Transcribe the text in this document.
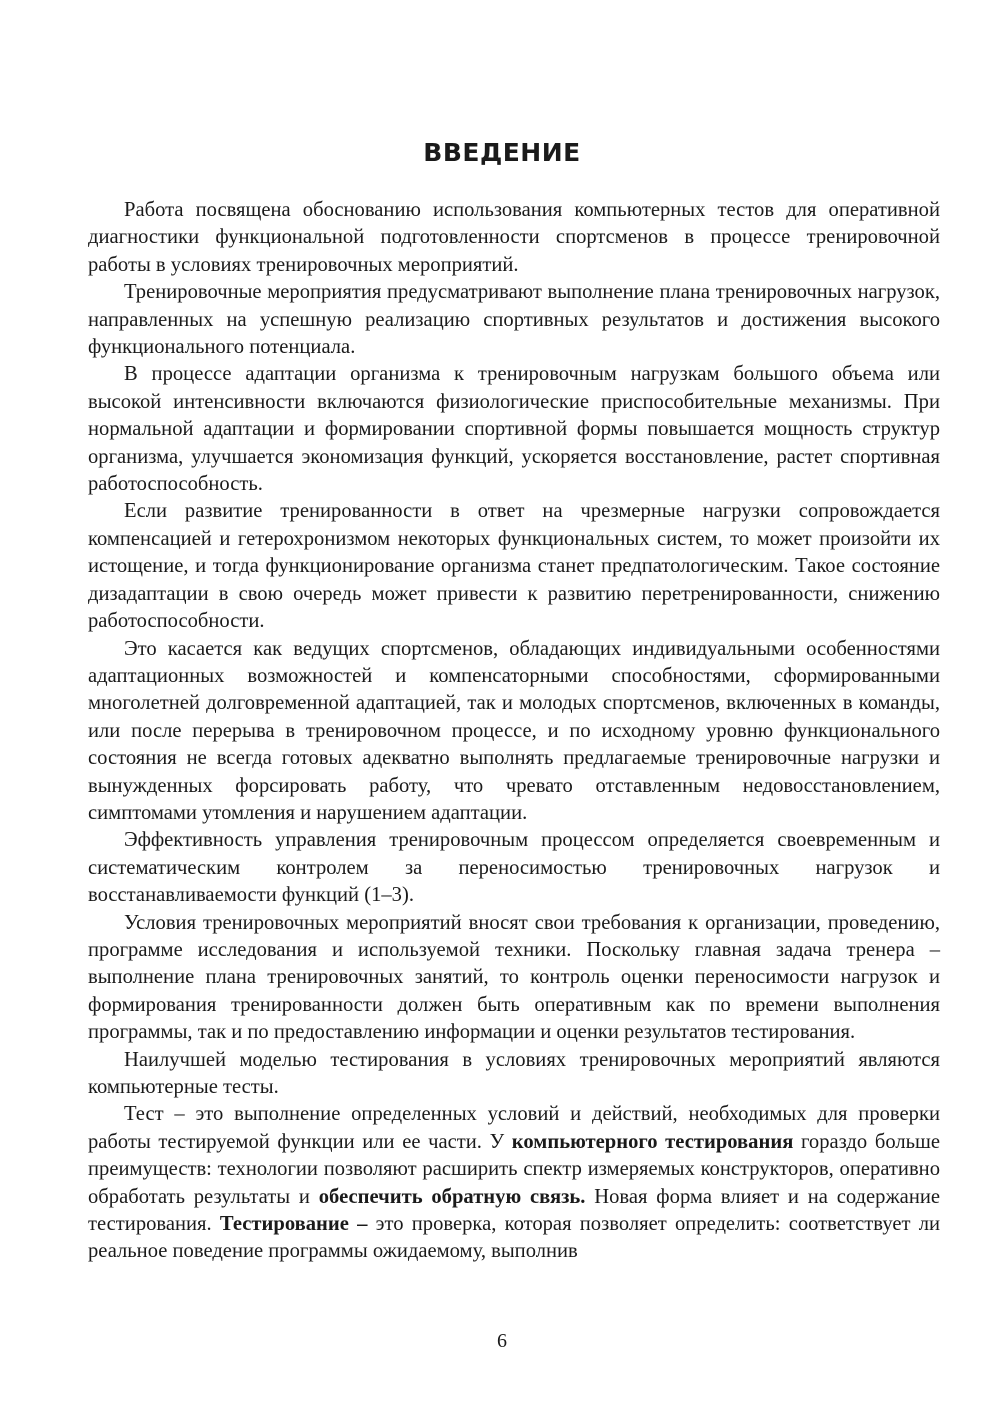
ВВЕДЕНИЕ

Работа посвящена обоснованию использования компьютерных тестов для оперативной диагностики функциональной подготовленности спортсменов в процессе тренировочной работы в условиях тренировочных мероприятий.

Тренировочные мероприятия предусматривают выполнение плана тренировочных нагрузок, направленных на успешную реализацию спортивных результатов и достижения высокого функционального потенциала.

В процессе адаптации организма к тренировочным нагрузкам большого объема или высокой интенсивности включаются физиологические приспособительные механизмы. При нормальной адаптации и формировании спортивной формы повышается мощность структур организма, улучшается экономизация функций, ускоряется восстановление, растет спортивная работоспособность.

Если развитие тренированности в ответ на чрезмерные нагрузки сопровождается компенсацией и гетерохронизмом некоторых функциональных систем, то может произойти их истощение, и тогда функционирование организма станет предпатологическим. Такое состояние дизадаптации в свою очередь может привести к развитию перетренированности, снижению работоспособности.

Это касается как ведущих спортсменов, обладающих индивидуальными особенностями адаптационных возможностей и компенсаторными способностями, сформированными многолетней долговременной адаптацией, так и молодых спортсменов, включенных в команды, или после перерыва в тренировочном процессе, и по исходному уровню функционального состояния не всегда готовых адекватно выполнять предлагаемые тренировочные нагрузки и вынужденных форсировать работу, что чревато отставленным недовосстановлением, симптомами утомления и нарушением адаптации.

Эффективность управления тренировочным процессом определяется своевременным и систематическим контролем за переносимостью тренировочных нагрузок и восстанавливаемости функций (1–3).

Условия тренировочных мероприятий вносят свои требования к организации, проведению, программе исследования и используемой техники. Поскольку главная задача тренера – выполнение плана тренировочных занятий, то контроль оценки переносимости нагрузок и формирования тренированности должен быть оперативным как по времени выполнения программы, так и по предоставлению информации и оценки результатов тестирования.

Наилучшей моделью тестирования в условиях тренировочных мероприятий являются компьютерные тесты.

Тест – это выполнение определенных условий и действий, необходимых для проверки работы тестируемой функции или ее части. У компьютерного тестирования гораздо больше преимуществ: технологии позволяют расширить спектр измеряемых конструкторов, оперативно обработать результаты и обеспечить обратную связь. Новая форма влияет и на содержание тестирования. Тестирование – это проверка, которая позволяет определить: соответствует ли реальное поведение программы ожидаемому, выполнив

6
